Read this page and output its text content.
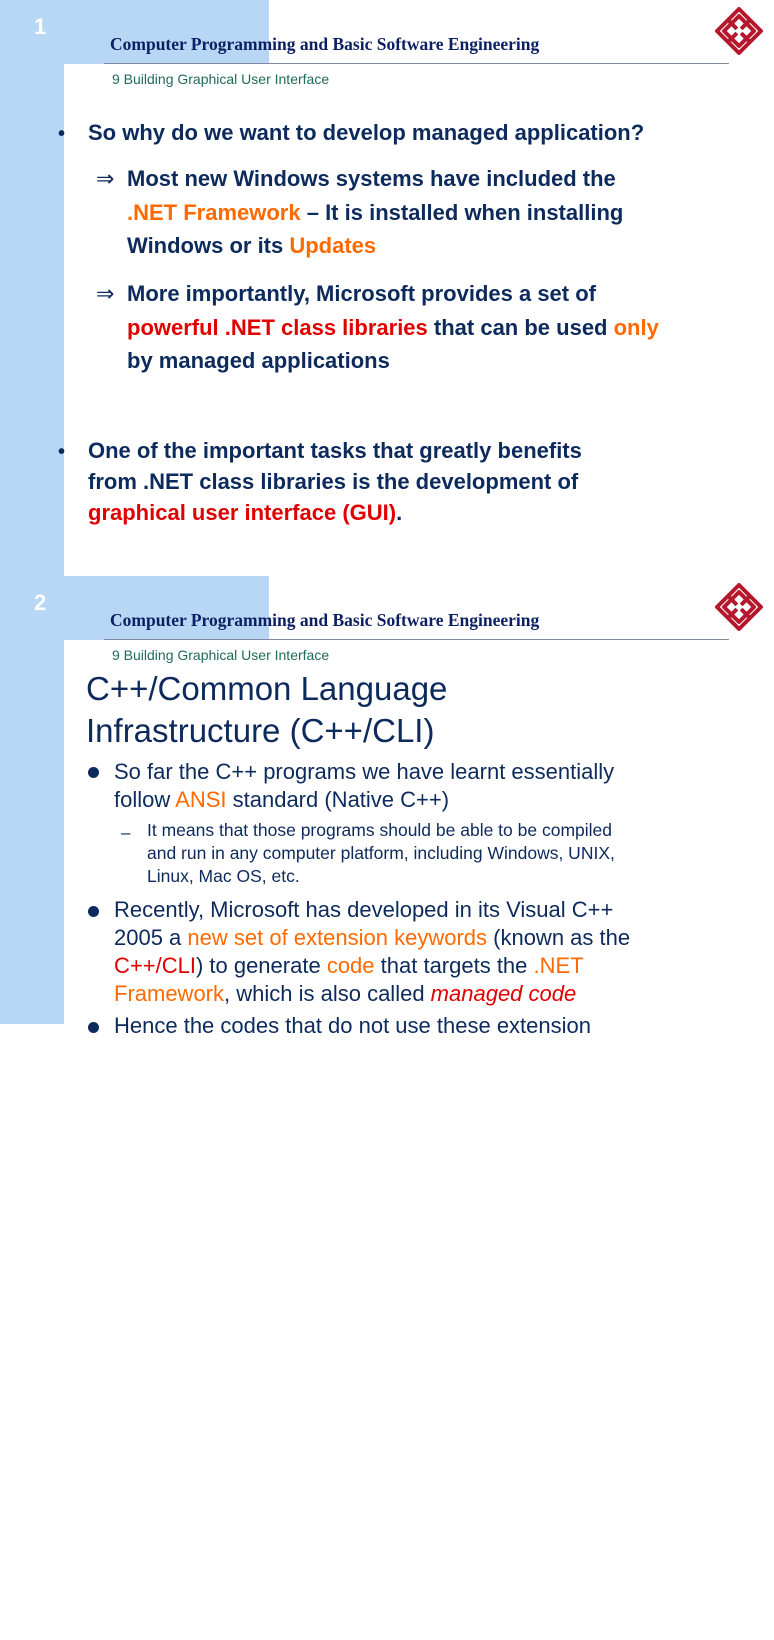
1
Computer Programming and Basic Software Engineering
9 Building Graphical User Interface
• So why do we want to develop managed application?
⇒ Most new Windows systems have included the
.NET Framework – It is installed when installing
Windows or its Updates
⇒ More importantly, Microsoft provides a set of
powerful .NET class libraries that can be used only
by managed applications
• One of the important tasks that greatly benefits
from .NET class libraries is the development of
graphical user interface (GUI).
2
Computer Programming and Basic Software Engineering
9 Building Graphical User Interface
C++/Common Language
Infrastructure (C++/CLI)
So far the C++ programs we have learnt essentially
follow ANSI standard (Native C++)
– It means that those programs should be able to be compiled
and run in any computer platform, including Windows, UNIX,
Linux, Mac OS, etc.
Recently, Microsoft has developed in its Visual C++
2005 a new set of extension keywords (known as the
C++/CLI) to generate code that targets the .NET
Framework, which is also called managed code
Hence the codes that do not use these extension
